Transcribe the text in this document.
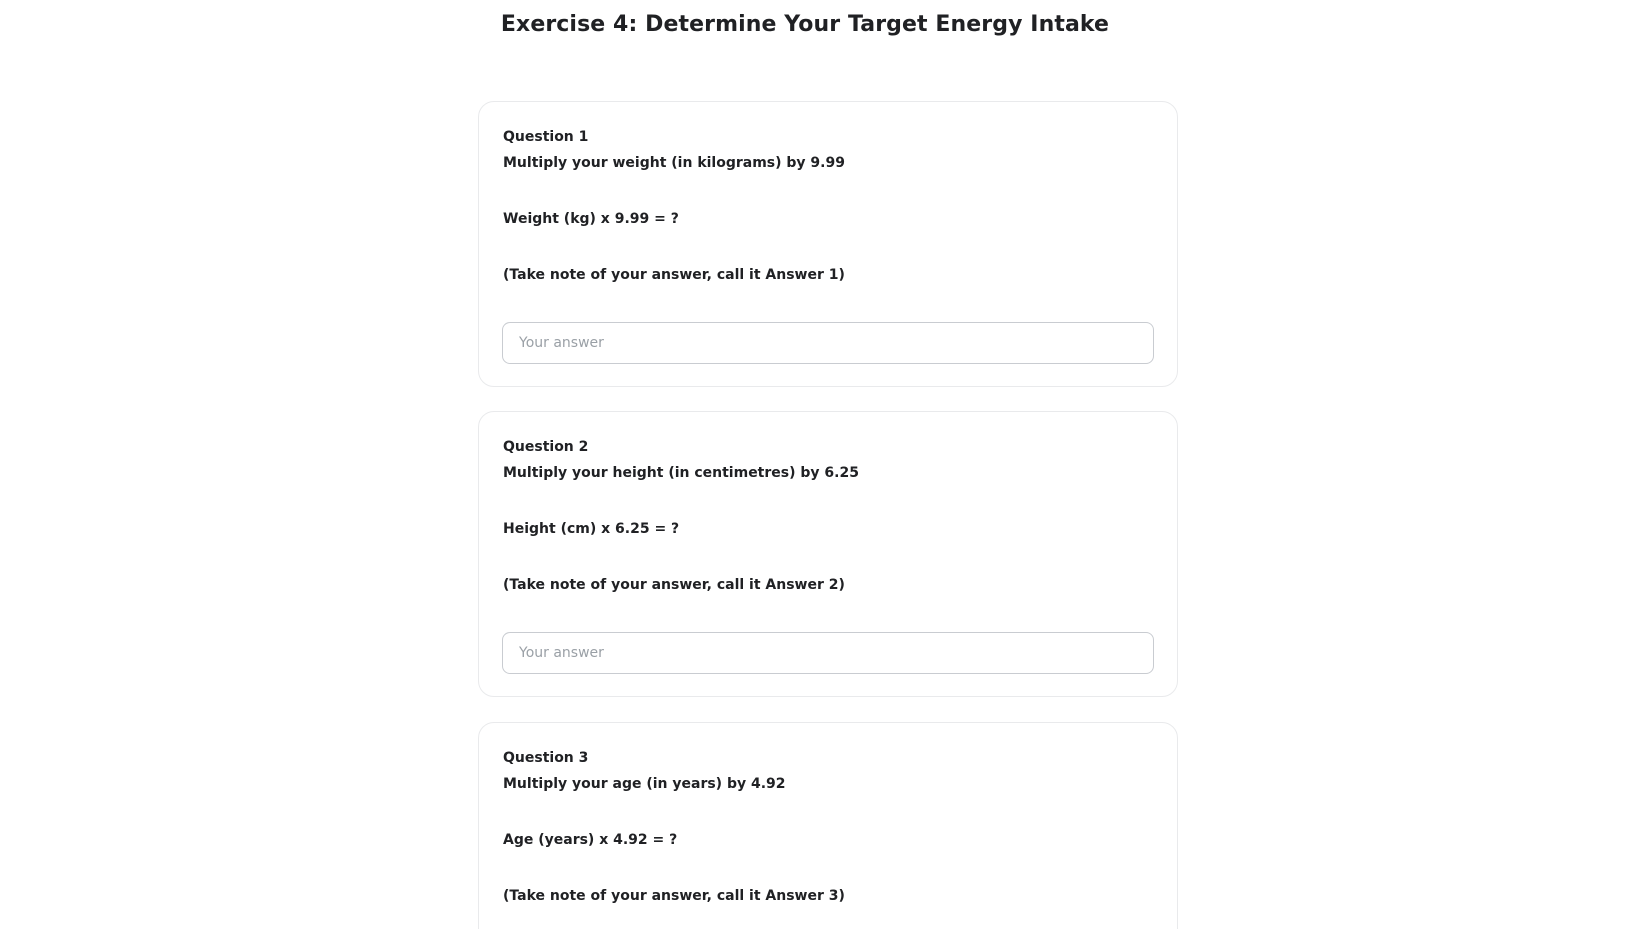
Exercise 4: Determine Your Target Energy Intake
Question 1
Multiply your weight (in kilograms) by 9.99
Weight (kg) x 9.99 = ?
(Take note of your answer, call it Answer 1)
Your answer
Question 2
Multiply your height (in centimetres) by 6.25
Height (cm) x 6.25 = ?
(Take note of your answer, call it Answer 2)
Your answer
Question 3
Multiply your age (in years) by 4.92
Age (years) x 4.92 = ?
(Take note of your answer, call it Answer 3)
